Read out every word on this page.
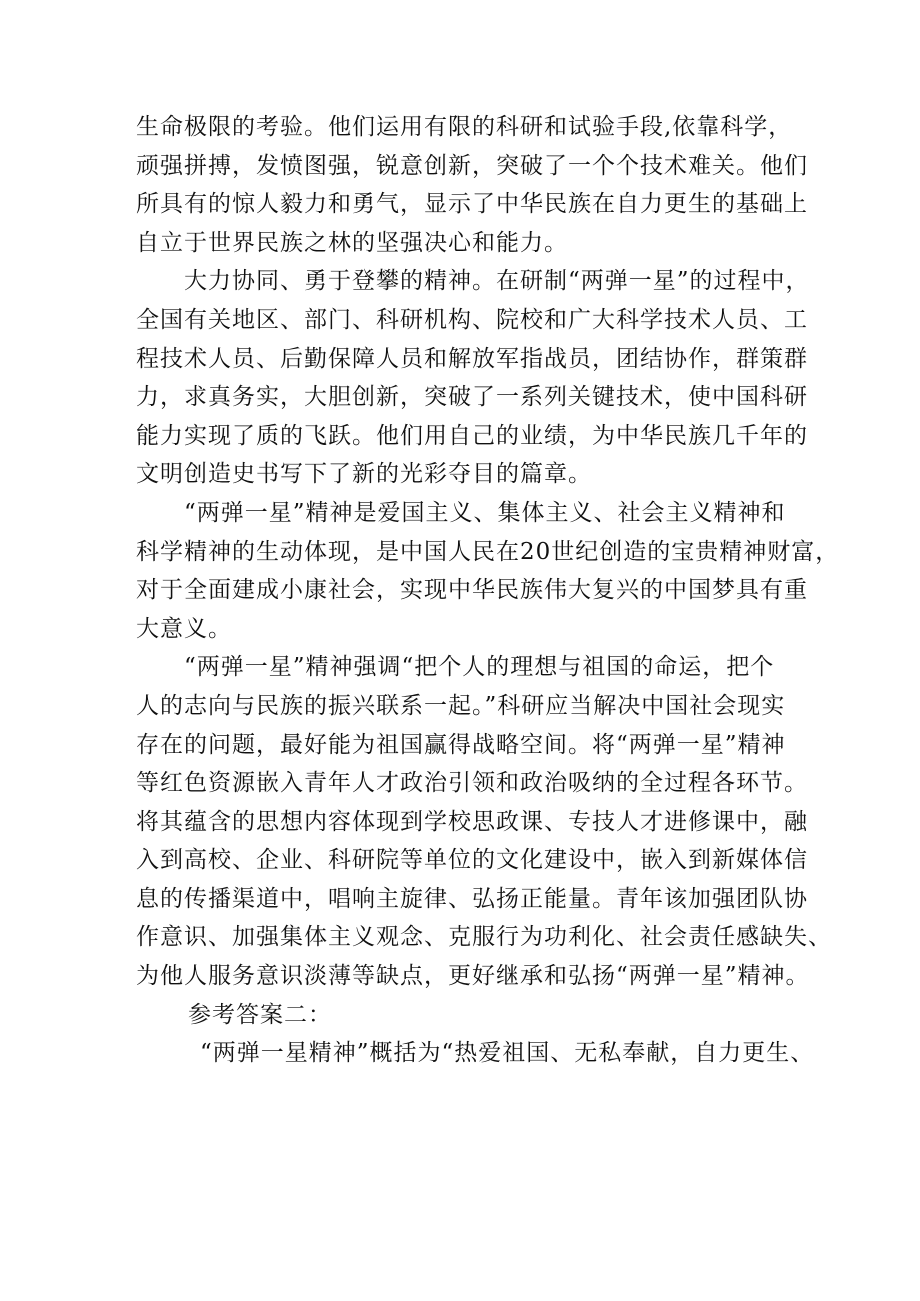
生命极限的考验。他们运用有限的科研和试验手段,依靠科学，
顽强拼搏，发愤图强，锐意创新，突破了一个个技术难关。他们
所具有的惊人毅力和勇气，显示了中华民族在自力更生的基础上
自立于世界民族之林的坚强决心和能力。
大力协同、勇于登攀的精神。在研制“两弹一星”的过程中，
全国有关地区、部门、科研机构、院校和广大科学技术人员、工
程技术人员、后勤保障人员和解放军指战员，团结协作，群策群
力，求真务实，大胆创新，突破了一系列关键技术，使中国科研
能力实现了质的飞跃。他们用自己的业绩，为中华民族几千年的
文明创造史书写下了新的光彩夺目的篇章。
“两弹一星”精神是爱国主义、集体主义、社会主义精神和
科学精神的生动体现，是中国人民在20世纪创造的宝贵精神财富，
对于全面建成小康社会，实现中华民族伟大复兴的中国梦具有重
大意义。
“两弹一星”精神强调“把个人的理想与祖国的命运，把个
人的志向与民族的振兴联系一起。”科研应当解决中国社会现实
存在的问题，最好能为祖国赢得战略空间。将“两弹一星”精神
等红色资源嵌入青年人才政治引领和政治吸纳的全过程各环节。
将其蕴含的思想内容体现到学校思政课、专技人才进修课中，融
入到高校、企业、科研院等单位的文化建设中，嵌入到新媒体信
息的传播渠道中，唱响主旋律、弘扬正能量。青年该加强团队协
作意识、加强集体主义观念、克服行为功利化、社会责任感缺失、
为他人服务意识淡薄等缺点，更好继承和弘扬“两弹一星”精神。
参考答案二：
“两弹一星精神”概括为“热爱祖国、无私奉献，自力更生、
